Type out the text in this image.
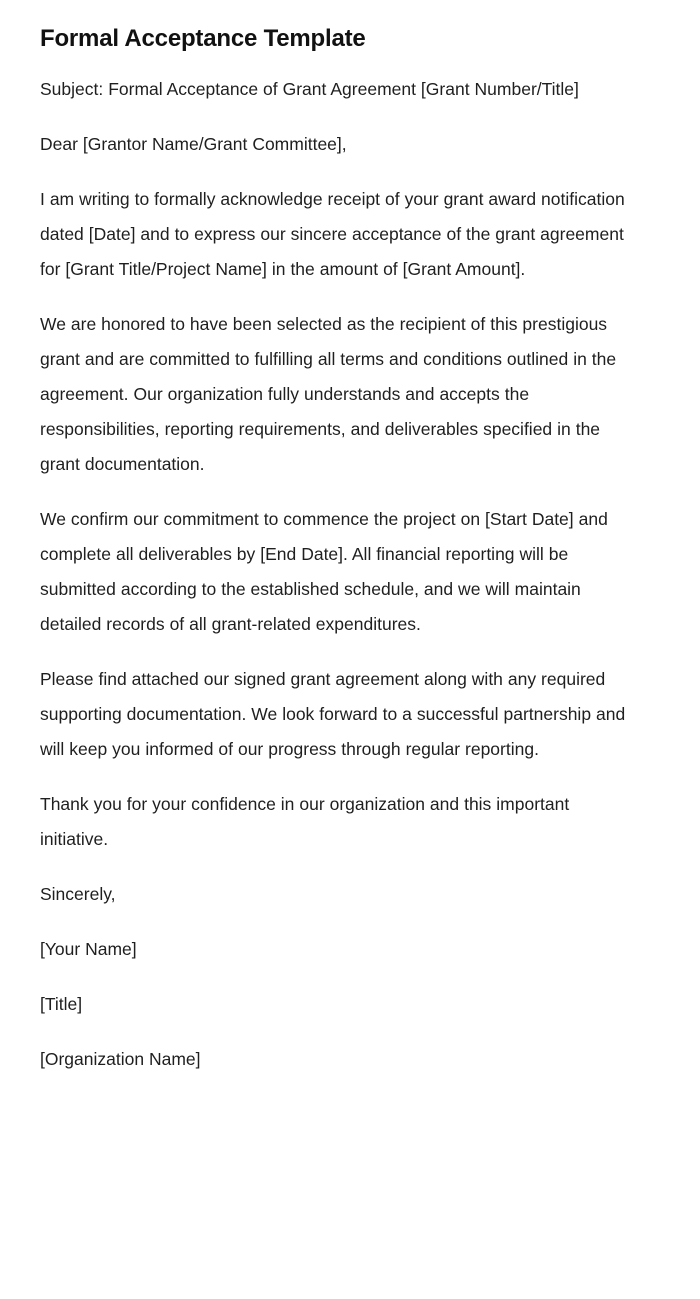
Formal Acceptance Template

Subject: Formal Acceptance of Grant Agreement [Grant Number/Title]

Dear [Grantor Name/Grant Committee],

I am writing to formally acknowledge receipt of your grant award notification dated [Date] and to express our sincere acceptance of the grant agreement for [Grant Title/Project Name] in the amount of [Grant Amount].

We are honored to have been selected as the recipient of this prestigious grant and are committed to fulfilling all terms and conditions outlined in the agreement. Our organization fully understands and accepts the responsibilities, reporting requirements, and deliverables specified in the grant documentation.

We confirm our commitment to commence the project on [Start Date] and complete all deliverables by [End Date]. All financial reporting will be submitted according to the established schedule, and we will maintain detailed records of all grant-related expenditures.

Please find attached our signed grant agreement along with any required supporting documentation. We look forward to a successful partnership and will keep you informed of our progress through regular reporting.

Thank you for your confidence in our organization and this important initiative.

Sincerely,

[Your Name]

[Title]

[Organization Name]
